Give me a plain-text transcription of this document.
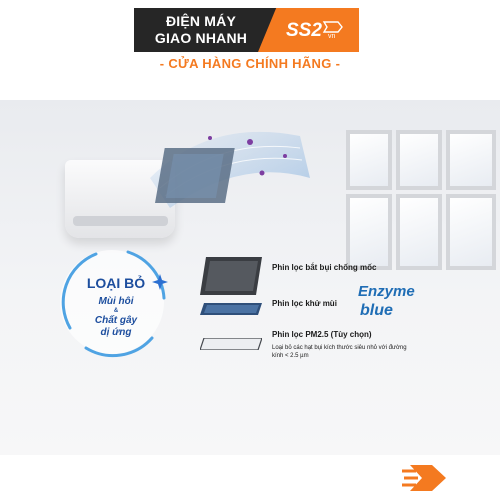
ĐIỆN MÁY
GIAO NHANH	SS2 vn
- CỬA HÀNG CHÍNH HÃNG -
Phin lọc bắt bụi chống mốc
Phin lọc khử mùi
Phin lọc PM2.5 (Tùy chọn)
Loại bỏ các hạt bụi kích thước siêu nhỏ với đường kính < 2.5 µm
Enzyme
blue
LOẠI BỎ
Mùi hôi
&
Chất gây
dị ứng
